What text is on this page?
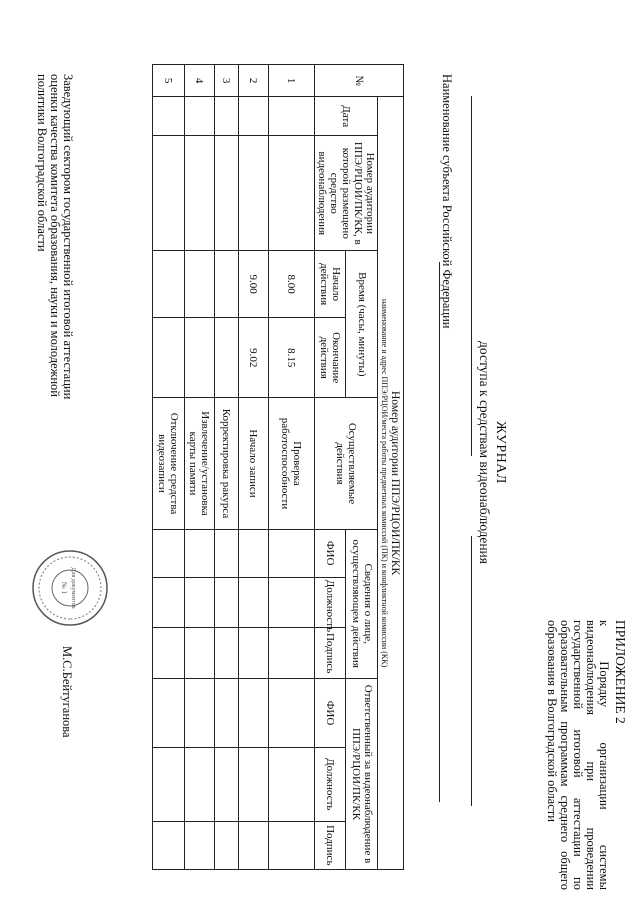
ПРИЛОЖЕНИЕ 2
к Порядку организации системы видеонаблюдения при проведении государственной итоговой аттестации по образовательным программам среднего общего образования в Волгоградской области
ЖУРНАЛ
доступа к средствам видеонаблюдения
Наименование субъекта Российской Федерации
№	Номер аудитории ППЭ/РЦОИ/ПК/КК
наименование и адрес ППЭ/РЦОИ/места работы предметных комиссий (ПК) и конфликтной комиссии (КК)										

	Дата	Номер аудитории ППЭ/РЦОИ/ПК/КК, в которой размещено средство видеонаблюдения	Время (часы, минуты)		Осуществляемые действия	Сведения о лице, осуществляющем действия			Ответственный за видеонаблюдение в ППЭ/РЦОИ/ПК/КК		
			Начало действия	Окончание действия		ФИО	Должность	Подпись	ФИО	Должность	Подпись
1			8.00	8.15	Проверка работоспособности						
2			9.00	9.02	Начало записи						
3					Корректировка ракурса						
4					Извлечение/установка карты памяти						
5					Отключение средства видеозаписи						
Заведующий сектором государственной итоговой аттестации оценки качества комитета образования, науки и молодежной политики Волгоградской области
Для документов
№ 1
М.С.Бейтуганова
